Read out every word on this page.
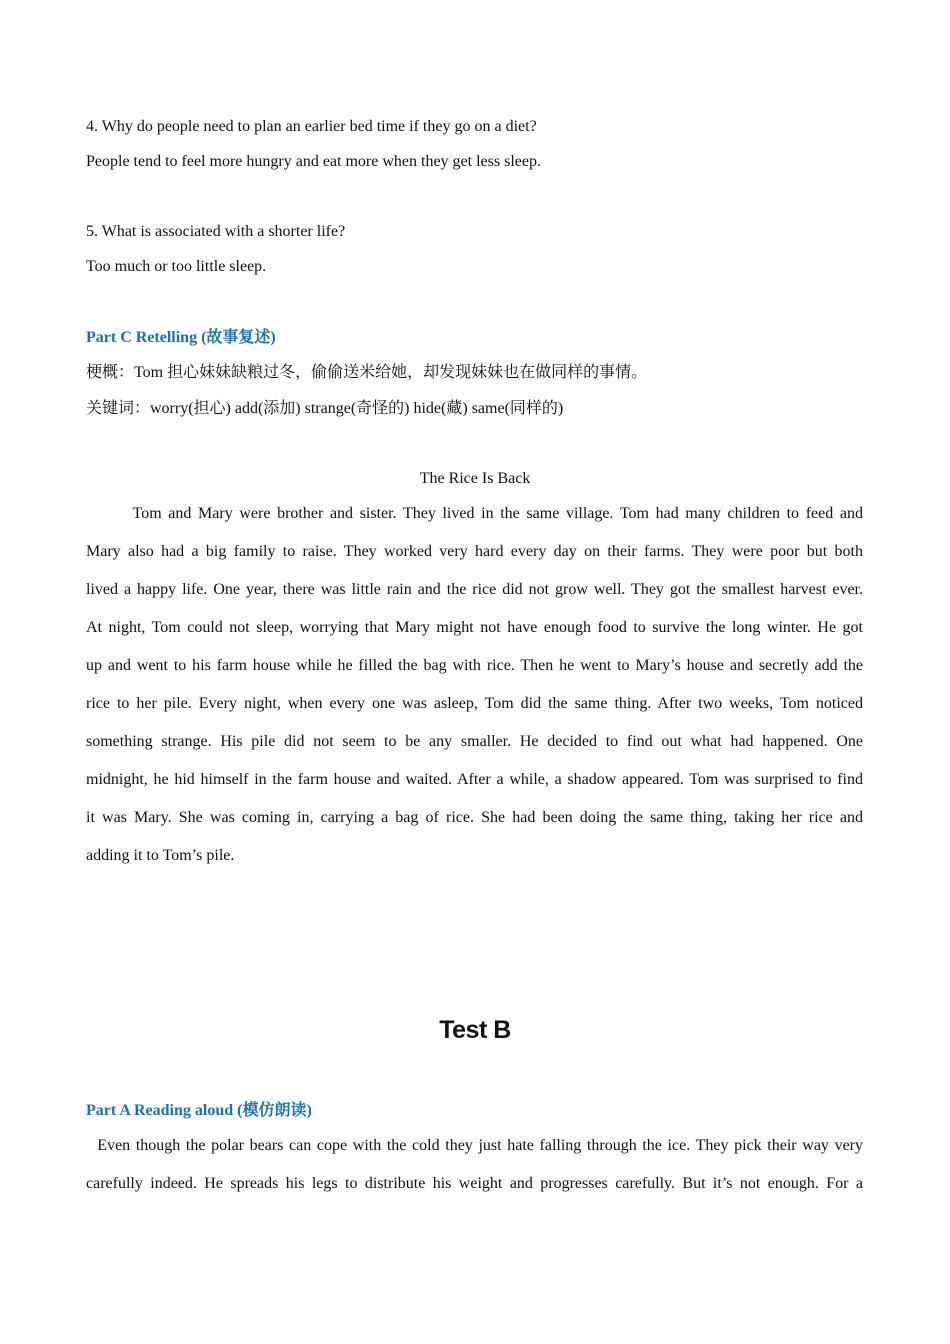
4. Why do people need to plan an earlier bed time if they go on a diet?
People tend to feel more hungry and eat more when they get less sleep.
5. What is associated with a shorter life?
Too much or too little sleep.
Part C Retelling (故事复述)
梗概：Tom 担心妹妹缺粮过冬，偷偷送米给她，却发现妹妹也在做同样的事情。
关键词：worry(担心) add(添加) strange(奇怪的) hide(藏) same(同样的)
The Rice Is Back
Tom and Mary were brother and sister. They lived in the same village. Tom had many children to feed and
Mary also had a big family to raise. They worked very hard every day on their farms. They were poor but both
lived a happy life. One year, there was little rain and the rice did not grow well. They got the smallest harvest ever.
At night, Tom could not sleep, worrying that Mary might not have enough food to survive the long winter. He got
up and went to his farm house while he filled the bag with rice. Then he went to Mary’s house and secretly add the
rice to her pile. Every night, when every one was asleep, Tom did the same thing. After two weeks, Tom noticed
something strange. His pile did not seem to be any smaller. He decided to find out what had happened. One
midnight, he hid himself in the farm house and waited. After a while, a shadow appeared. Tom was surprised to find
it was Mary. She was coming in, carrying a bag of rice. She had been doing the same thing, taking her rice and
adding it to Tom’s pile.
Test B
Part A Reading aloud (模仿朗读)
Even though the polar bears can cope with the cold they just hate falling through the ice. They pick their way very
carefully indeed. He spreads his legs to distribute his weight and progresses carefully. But it’s not enough. For a
